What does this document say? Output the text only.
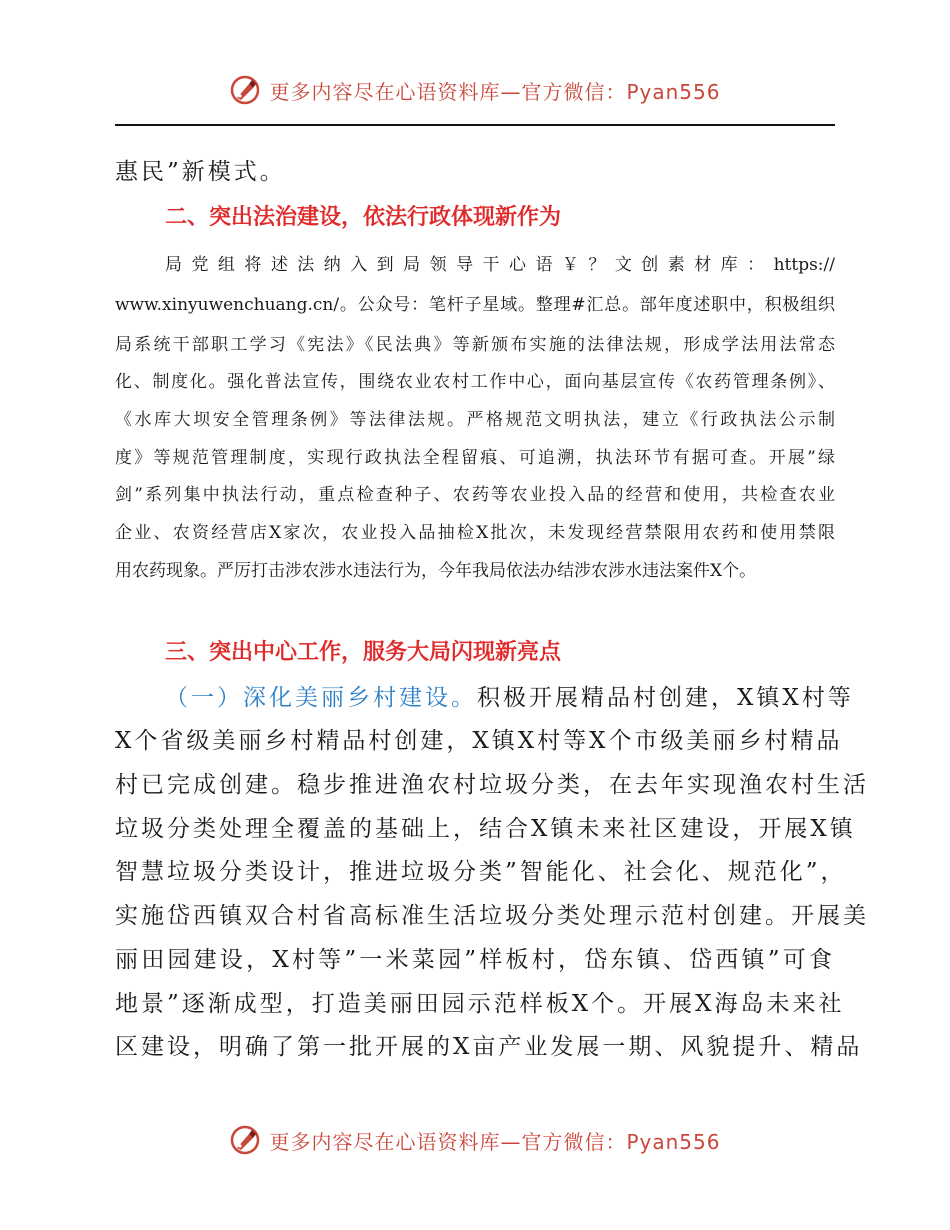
更多内容尽在心语资料库—官方微信：Pyan556
惠民”新模式。
二、突出法治建设，依法行政体现新作为
局党组将述法纳入到局领导干心语￥？文创素材库：https://
www.xinyuwenchuang.cn/。公众号：笔杆子星域。整理#汇总。部年度述职中，积极组织
局系统干部职工学习《宪法》《民法典》等新颁布实施的法律法规，形成学法用法常态
化、制度化。强化普法宣传，围绕农业农村工作中心，面向基层宣传《农药管理条例》、
《水库大坝安全管理条例》等法律法规。严格规范文明执法，建立《行政执法公示制
度》等规范管理制度，实现行政执法全程留痕、可追溯，执法环节有据可查。开展”绿
剑”系列集中执法行动，重点检查种子、农药等农业投入品的经营和使用，共检查农业
企业、农资经营店X家次，农业投入品抽检X批次，未发现经营禁限用农药和使用禁限
用农药现象。严厉打击涉农涉水违法行为，今年我局依法办结涉农涉水违法案件X个。
三、突出中心工作，服务大局闪现新亮点
（一）深化美丽乡村建设。积极开展精品村创建，X镇X村等
X个省级美丽乡村精品村创建，X镇X村等X个市级美丽乡村精品
村已完成创建。稳步推进渔农村垃圾分类，在去年实现渔农村生活
垃圾分类处理全覆盖的基础上，结合X镇未来社区建设，开展X镇
智慧垃圾分类设计，推进垃圾分类”智能化、社会化、规范化”，
实施岱西镇双合村省高标准生活垃圾分类处理示范村创建。开展美
丽田园建设，X村等”一米菜园”样板村，岱东镇、岱西镇”可食
地景”逐渐成型，打造美丽田园示范样板X个。开展X海岛未来社
区建设，明确了第一批开展的X亩产业发展一期、风貌提升、精品
更多内容尽在心语资料库—官方微信：Pyan556
